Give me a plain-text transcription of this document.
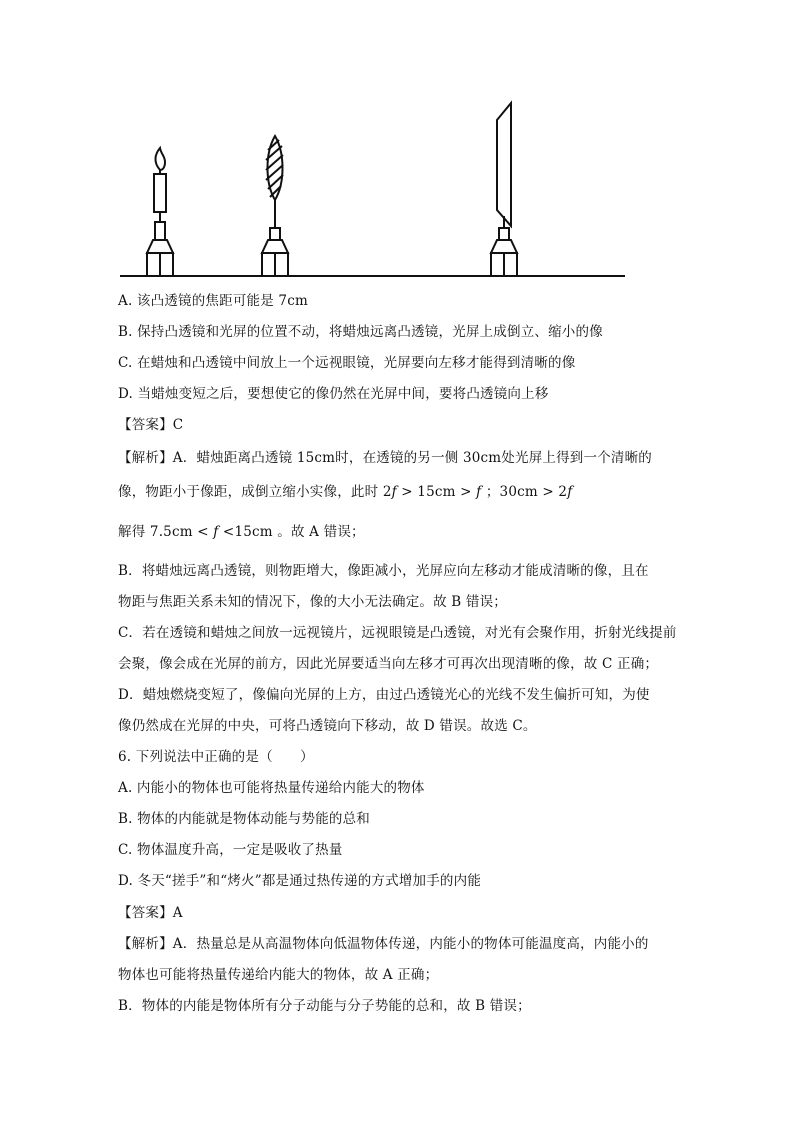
A. 该凸透镜的焦距可能是 7cm
B. 保持凸透镜和光屏的位置不动，将蜡烛远离凸透镜，光屏上成倒立、缩小的像
C. 在蜡烛和凸透镜中间放上一个远视眼镜，光屏要向左移才能得到清晰的像
D. 当蜡烛变短之后，要想使它的像仍然在光屏中间，要将凸透镜向上移
【答案】C
【解析】A．蜡烛距离凸透镜 15cm时，在透镜的另一侧 30cm处光屏上得到一个清晰的
像，物距小于像距，成倒立缩小实像，此时 2f > 15cm > f ；30cm > 2f
解得 7.5cm < f <15cm 。故 A 错误；
B．将蜡烛远离凸透镜，则物距增大，像距减小，光屏应向左移动才能成清晰的像，且在
物距与焦距关系未知的情况下，像的大小无法确定。故 B 错误；
C．若在透镜和蜡烛之间放一远视镜片，远视眼镜是凸透镜，对光有会聚作用，折射光线提前
会聚，像会成在光屏的前方，因此光屏要适当向左移才可再次出现清晰的像，故 C 正确；
D．蜡烛燃烧变短了，像偏向光屏的上方，由过凸透镜光心的光线不发生偏折可知，为使
像仍然成在光屏的中央，可将凸透镜向下移动，故 D 错误。故选 C。
6. 下列说法中正确的是（　　）
A. 内能小的物体也可能将热量传递给内能大的物体
B. 物体的内能就是物体动能与势能的总和
C. 物体温度升高，一定是吸收了热量
D. 冬天“搓手”和“烤火”都是通过热传递的方式增加手的内能
【答案】A
【解析】A．热量总是从高温物体向低温物体传递，内能小的物体可能温度高，内能小的
物体也可能将热量传递给内能大的物体，故 A 正确；
B．物体的内能是物体所有分子动能与分子势能的总和，故 B 错误；
